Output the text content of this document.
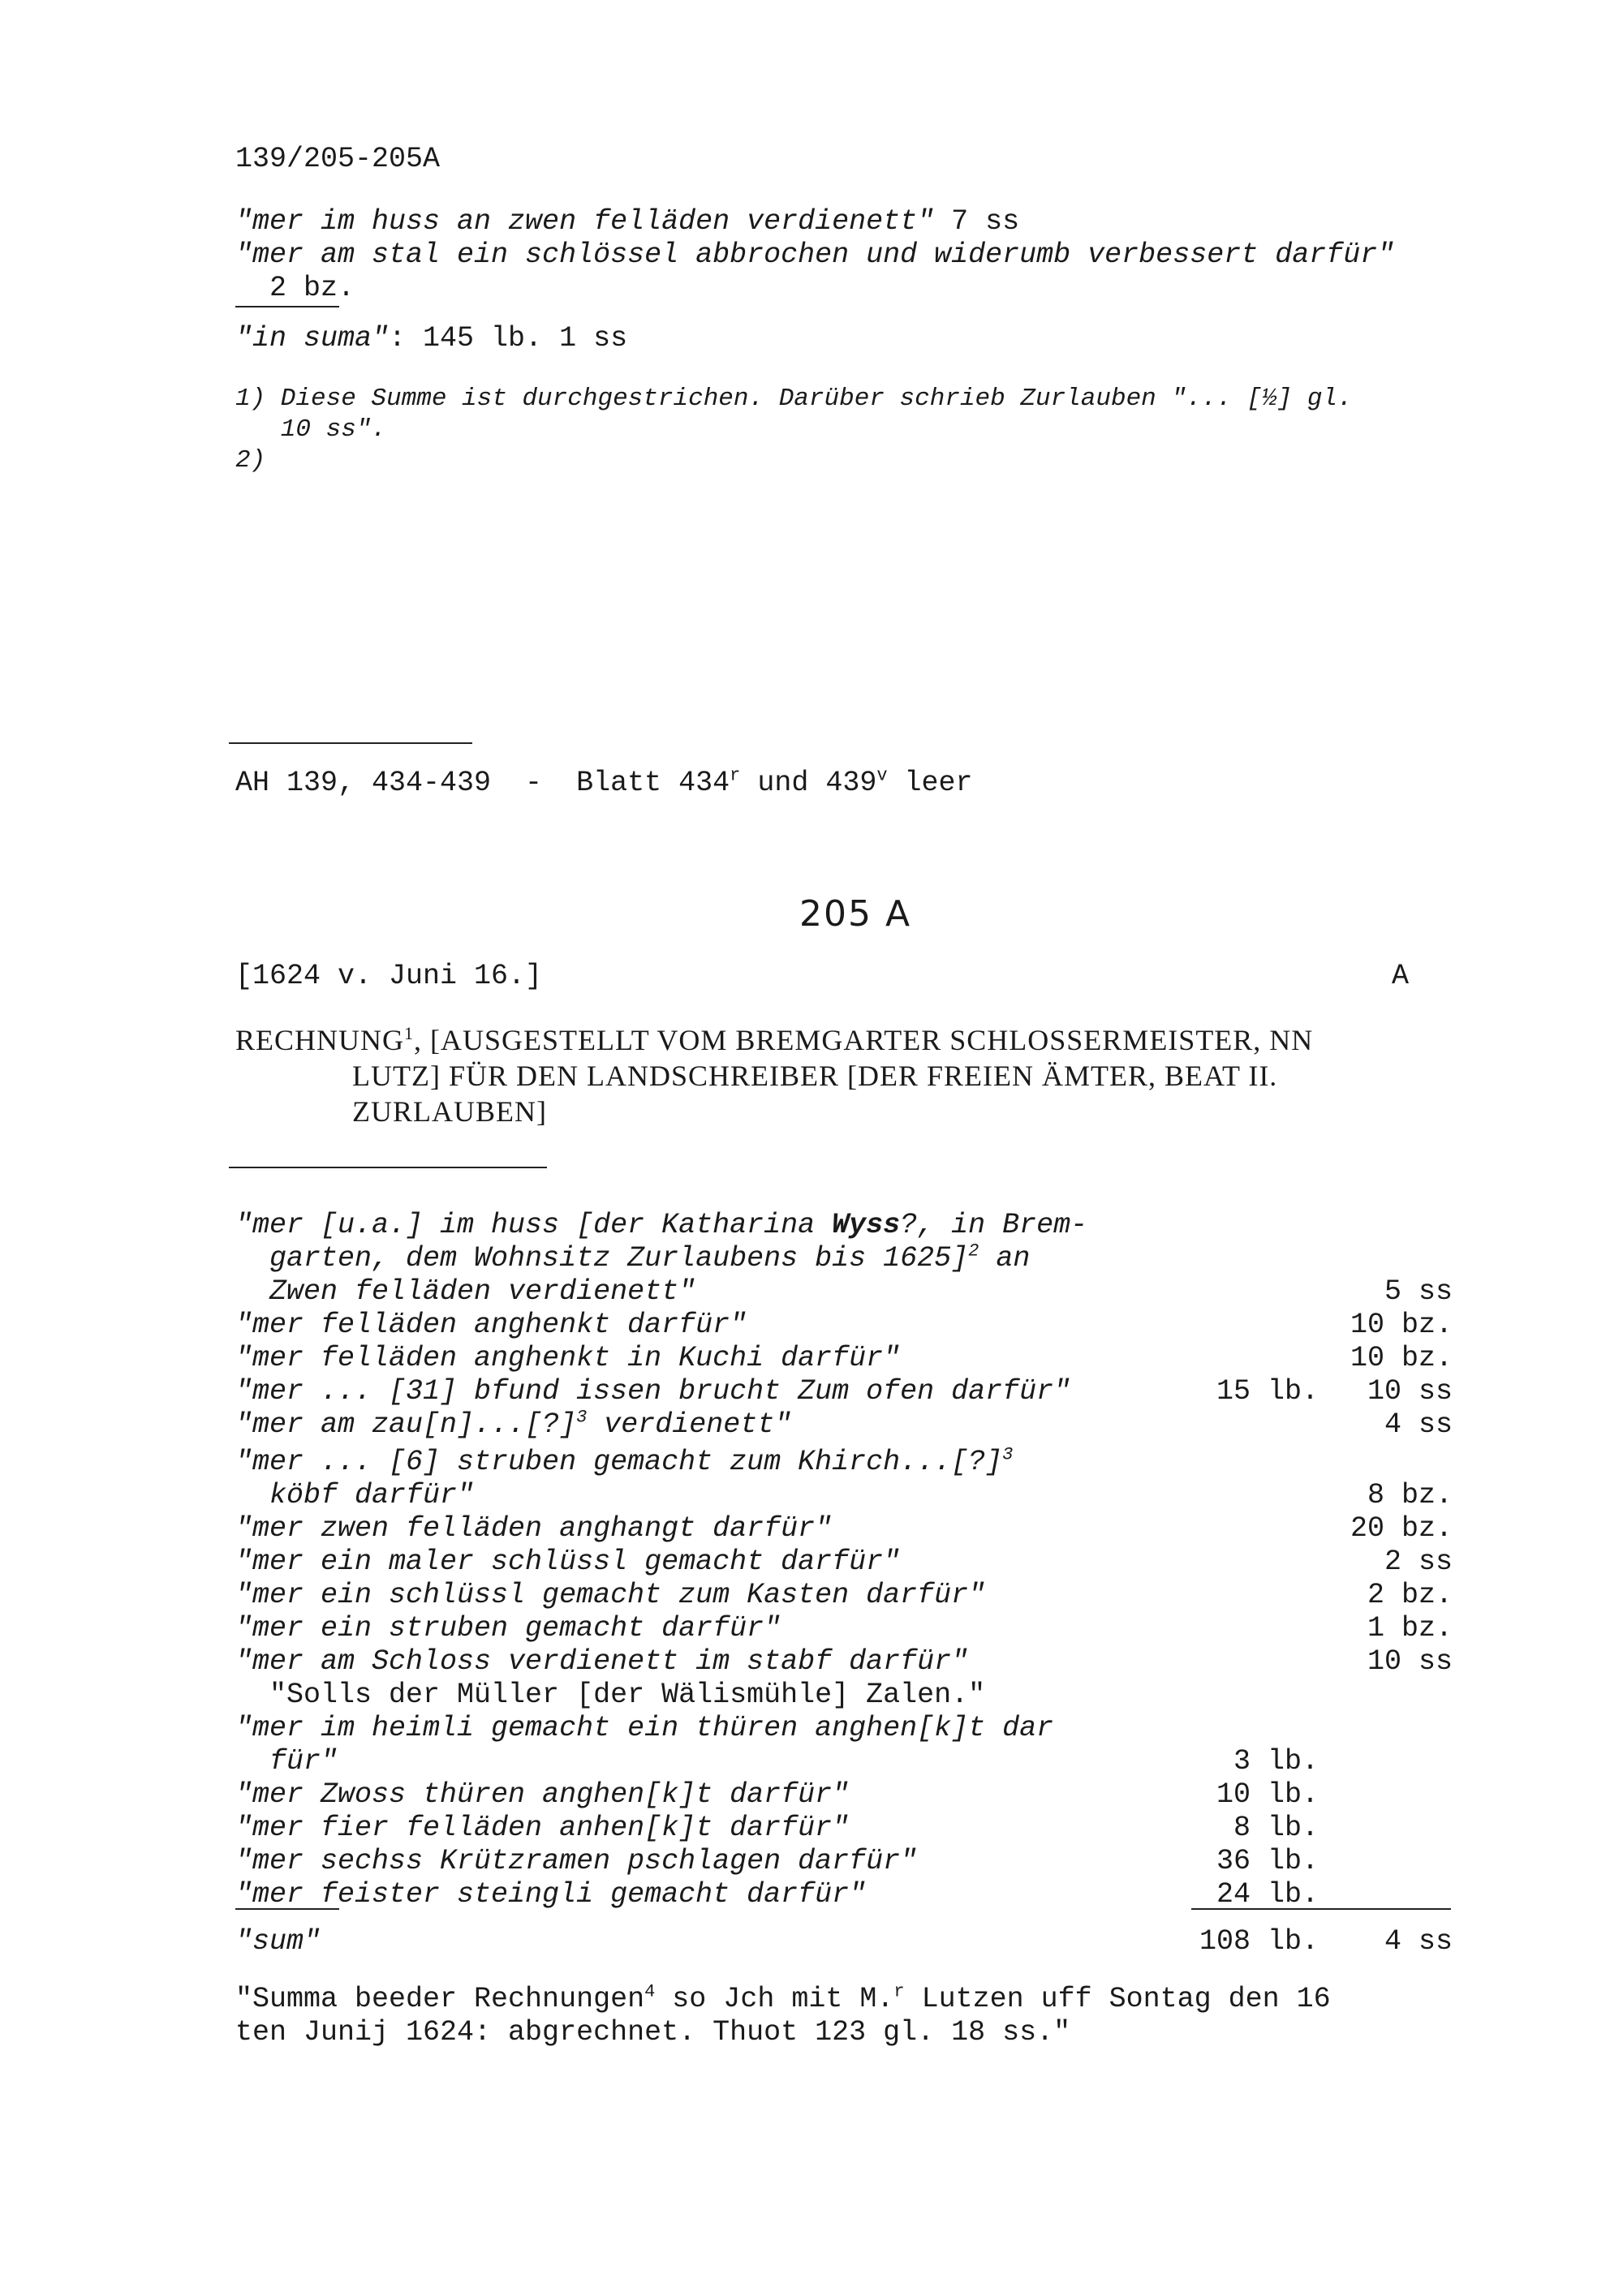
139/205-205A
"mer im huss an zwen felläden verdienett" 7 ss
"mer am stal ein schlössel abbrochen und widerumb verbessert darfür"
2 bz.
"in suma": 145 lb. 1 ss
1) Diese Summe ist durchgestrichen. Darüber schrieb Zurlauben "... [½] gl.
10 ss".
2)
AH 139, 434-439  -  Blatt 434$^r$ und 439$^v$ leer
205 A
[1624 v. Juni 16.]	A
RECHNUNG$^1$, [AUSGESTELLT VOM BREMGARTER SCHLOSSERMEISTER, NN
LUTZ] FÜR DEN LANDSCHREIBER [DER FREIEN ÄMTER, BEAT II.
ZURLAUBEN]
"mer [u.a.] im huss [der Katharina Wyss?, in Brem-
garten, dem Wohnsitz Zurlaubens bis 1625]$^2$ an
Zwen felläden verdienett"	5 ss
"mer felläden anghenkt darfür"	10 bz.
"mer felläden anghenkt in Kuchi darfür"	10 bz.
"mer ... [31] bfund issen brucht Zum ofen darfür"	15 lb. 10 ss
"mer am zau[n]...[?]$^3$ verdienett"	4 ss
"mer ... [6] struben gemacht zum Khirch...[?]$^3$
köbf darfür"	8 bz.
"mer zwen felläden anghangt darfür"	20 bz.
"mer ein maler schlüssl gemacht darfür"	2 ss
"mer ein schlüssl gemacht zum Kasten darfür"	2 bz.
"mer ein struben gemacht darfür"	1 bz.
"mer am Schloss verdienett im stabf darfür"	10 ss
"Solls der Müller [der Wälismühle] Zalen."
"mer im heimli gemacht ein thüren anghen[k]t dar
für"	3 lb.
"mer Zwoss thüren anghen[k]t darfür"	10 lb.
"mer fier felläden anhen[k]t darfür"	8 lb.
"mer sechss Krützramen pschlagen darfür"	36 lb.
"mer feister steingli gemacht darfür"	24 lb.
"sum"	108 lb. 4 ss
"Summa beeder Rechnungen$^4$ so Jch mit M.$^r$ Lutzen uff Sontag den 16
ten Junij 1624: abgrechnet. Thuot 123 gl. 18 ss."
